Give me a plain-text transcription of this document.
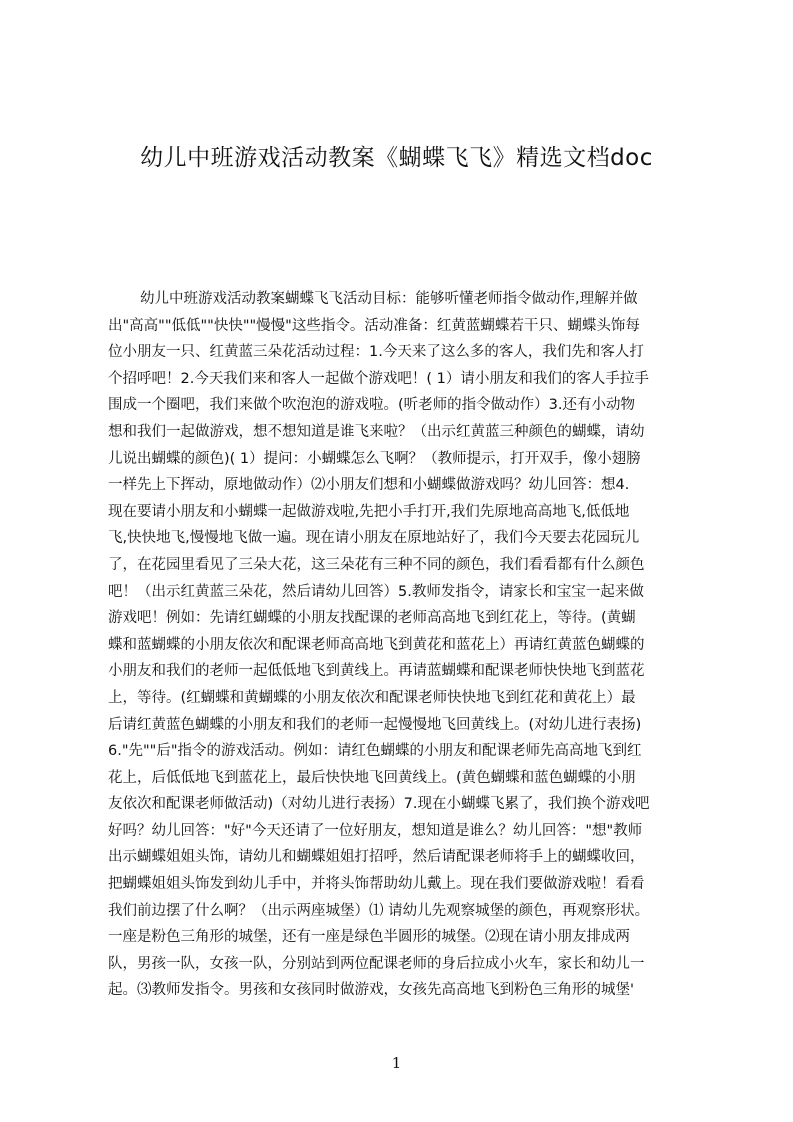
幼儿中班游戏活动教案《蝴蝶飞飞》精选文档doc
幼儿中班游戏活动教案蝴蝶飞飞活动目标：能够听懂老师指令做动作,理解并做
出"高高""低低""快快""慢慢"这些指令。活动准备：红黄蓝蝴蝶若干只、蝴蝶头饰每
位小朋友一只、红黄蓝三朵花活动过程：1.今天来了这么多的客人，我们先和客人打
个招呼吧！2.今天我们来和客人一起做个游戏吧！( 1）请小朋友和我们的客人手拉手
围成一个圈吧，我们来做个吹泡泡的游戏啦。(听老师的指令做动作）3.还有小动物
想和我们一起做游戏，想不想知道是谁飞来啦？（出示红黄蓝三种颜色的蝴蝶，请幼
儿说出蝴蝶的颜色)( 1）提问：小蝴蝶怎么飞啊？（教师提示，打开双手，像小翅膀
一样先上下挥动，原地做动作）⑵小朋友们想和小蝴蝶做游戏吗？幼儿回答：想4.
现在要请小朋友和小蝴蝶一起做游戏啦,先把小手打开,我们先原地高高地飞,低低地
飞,快快地飞,慢慢地飞做一遍。现在请小朋友在原地站好了，我们今天要去花园玩儿
了，在花园里看见了三朵大花，这三朵花有三种不同的颜色，我们看看都有什么颜色
吧！（出示红黄蓝三朵花，然后请幼儿回答）5.教师发指令，请家长和宝宝一起来做
游戏吧！例如：先请红蝴蝶的小朋友找配课的老师高高地飞到红花上，等待。(黄蝴
蝶和蓝蝴蝶的小朋友依次和配课老师高高地飞到黄花和蓝花上）再请红黄蓝色蝴蝶的
小朋友和我们的老师一起低低地飞到黄线上。再请蓝蝴蝶和配课老师快快地飞到蓝花
上，等待。(红蝴蝶和黄蝴蝶的小朋友依次和配课老师快快地飞到红花和黄花上）最
后请红黄蓝色蝴蝶的小朋友和我们的老师一起慢慢地飞回黄线上。(对幼儿进行表扬)
6."先""后"指令的游戏活动。例如：请红色蝴蝶的小朋友和配课老师先高高地飞到红
花上，后低低地飞到蓝花上，最后快快地飞回黄线上。(黄色蝴蝶和蓝色蝴蝶的小朋
友依次和配课老师做活动)（对幼儿进行表扬）7.现在小蝴蝶飞累了，我们换个游戏吧
好吗？幼儿回答："好"今天还请了一位好朋友，想知道是谁么？幼儿回答："想"教师
出示蝴蝶姐姐头饰，请幼儿和蝴蝶姐姐打招呼，然后请配课老师将手上的蝴蝶收回，
把蝴蝶姐姐头饰发到幼儿手中，并将头饰帮助幼儿戴上。现在我们要做游戏啦！看看
我们前边摆了什么啊？（出示两座城堡）⑴ 请幼儿先观察城堡的颜色，再观察形状。
一座是粉色三角形的城堡，还有一座是绿色半圆形的城堡。⑵现在请小朋友排成两
队，男孩一队，女孩一队，分别站到两位配课老师的身后拉成小火车，家长和幼儿一
起。⑶教师发指令。男孩和女孩同时做游戏，女孩先高高地飞到粉色三角形的城堡'
1
